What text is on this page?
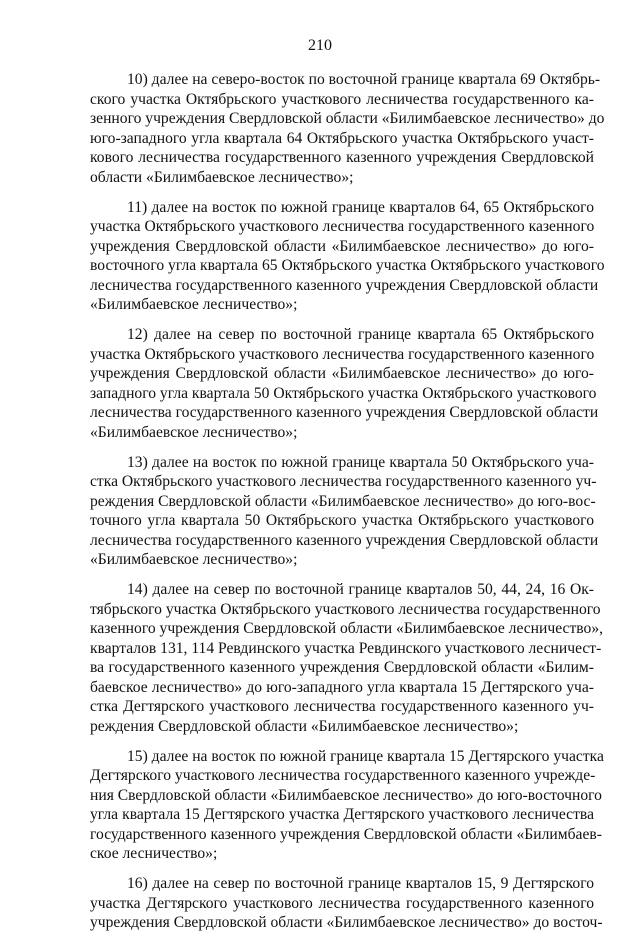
210

10) далее на северо-восток по восточной границе квартала 69 Октябрь-
ского участка Октябрьского участкового лесничества государственного ка-
зенного учреждения Свердловской области «Билимбаевское лесничество» до
юго-западного угла квартала 64 Октябрьского участка Октябрьского участ-
кового лесничества государственного казенного учреждения Свердловской
области «Билимбаевское лесничество»;

11) далее на восток по южной границе кварталов 64, 65 Октябрьского
участка Октябрьского участкового лесничества государственного казенного
учреждения Свердловской области «Билимбаевское лесничество» до юго-
восточного угла квартала 65 Октябрьского участка Октябрьского участкового
лесничества государственного казенного учреждения Свердловской области
«Билимбаевское лесничество»;

12) далее на север по восточной границе квартала 65 Октябрьского
участка Октябрьского участкового лесничества государственного казенного
учреждения Свердловской области «Билимбаевское лесничество» до юго-
западного угла квартала 50 Октябрьского участка Октябрьского участкового
лесничества государственного казенного учреждения Свердловской области
«Билимбаевское лесничество»;

13) далее на восток по южной границе квартала 50 Октябрьского уча-
стка Октябрьского участкового лесничества государственного казенного уч-
реждения Свердловской области «Билимбаевское лесничество» до юго-вос-
точного угла квартала 50 Октябрьского участка Октябрьского участкового
лесничества государственного казенного учреждения Свердловской области
«Билимбаевское лесничество»;

14) далее на север по восточной границе кварталов 50, 44, 24, 16 Ок-
тябрьского участка Октябрьского участкового лесничества государственного
казенного учреждения Свердловской области «Билимбаевское лесничество»,
кварталов 131, 114 Ревдинского участка Ревдинского участкового лесничест-
ва государственного казенного учреждения Свердловской области «Билим-
баевское лесничество» до юго-западного угла квартала 15 Дегтярского уча-
стка Дегтярского участкового лесничества государственного казенного уч-
реждения Свердловской области «Билимбаевское лесничество»;

15) далее на восток по южной границе квартала 15 Дегтярского участка
Дегтярского участкового лесничества государственного казенного учрежде-
ния Свердловской области «Билимбаевское лесничество» до юго-восточного
угла квартала 15 Дегтярского участка Дегтярского участкового лесничества
государственного казенного учреждения Свердловской области «Билимбаев-
ское лесничество»;

16) далее на север по восточной границе кварталов 15, 9 Дегтярского
участка Дегтярского участкового лесничества государственного казенного
учреждения Свердловской области «Билимбаевское лесничество» до восточ-
